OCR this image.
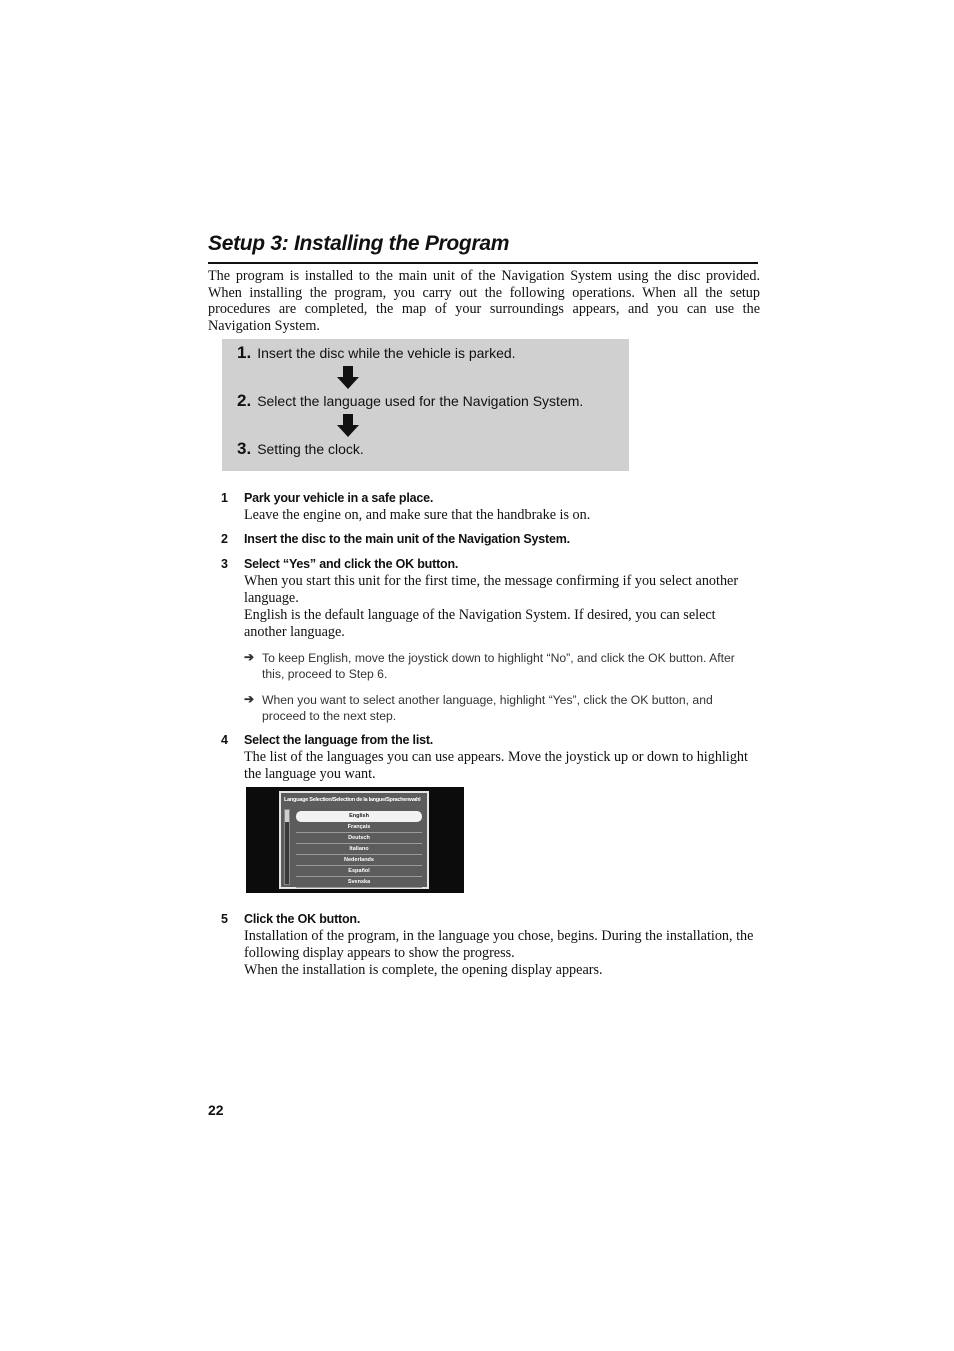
Setup 3: Installing the Program
The program is installed to the main unit of the Navigation System using the disc provided. When installing the program, you carry out the following operations. When all the setup procedures are completed, the map of your surroundings appears, and you can use the Navigation System.
1. Insert the disc while the vehicle is parked.
2. Select the language used for the Navigation System.
3. Setting the clock.
1 Park your vehicle in a safe place.
Leave the engine on, and make sure that the handbrake is on.
2 Insert the disc to the main unit of the Navigation System.
3 Select “Yes” and click the OK button.
When you start this unit for the first time, the message confirming if you select another language.
English is the default language of the Navigation System. If desired, you can select another language.
➔ To keep English, move the joystick down to highlight “No”, and click the OK button. After this, proceed to Step 6.
➔ When you want to select another language, highlight “Yes”, click the OK button, and proceed to the next step.
4 Select the language from the list.
The list of the languages you can use appears. Move the joystick up or down to highlight the language you want.
Language Selection/Selection de la langue/Sprachenwahl
English
Français
Deutsch
Italiano
Nederlands
Español
Svenska
5 Click the OK button.
Installation of the program, in the language you chose, begins. During the installation, the following display appears to show the progress.
When the installation is complete, the opening display appears.
22
